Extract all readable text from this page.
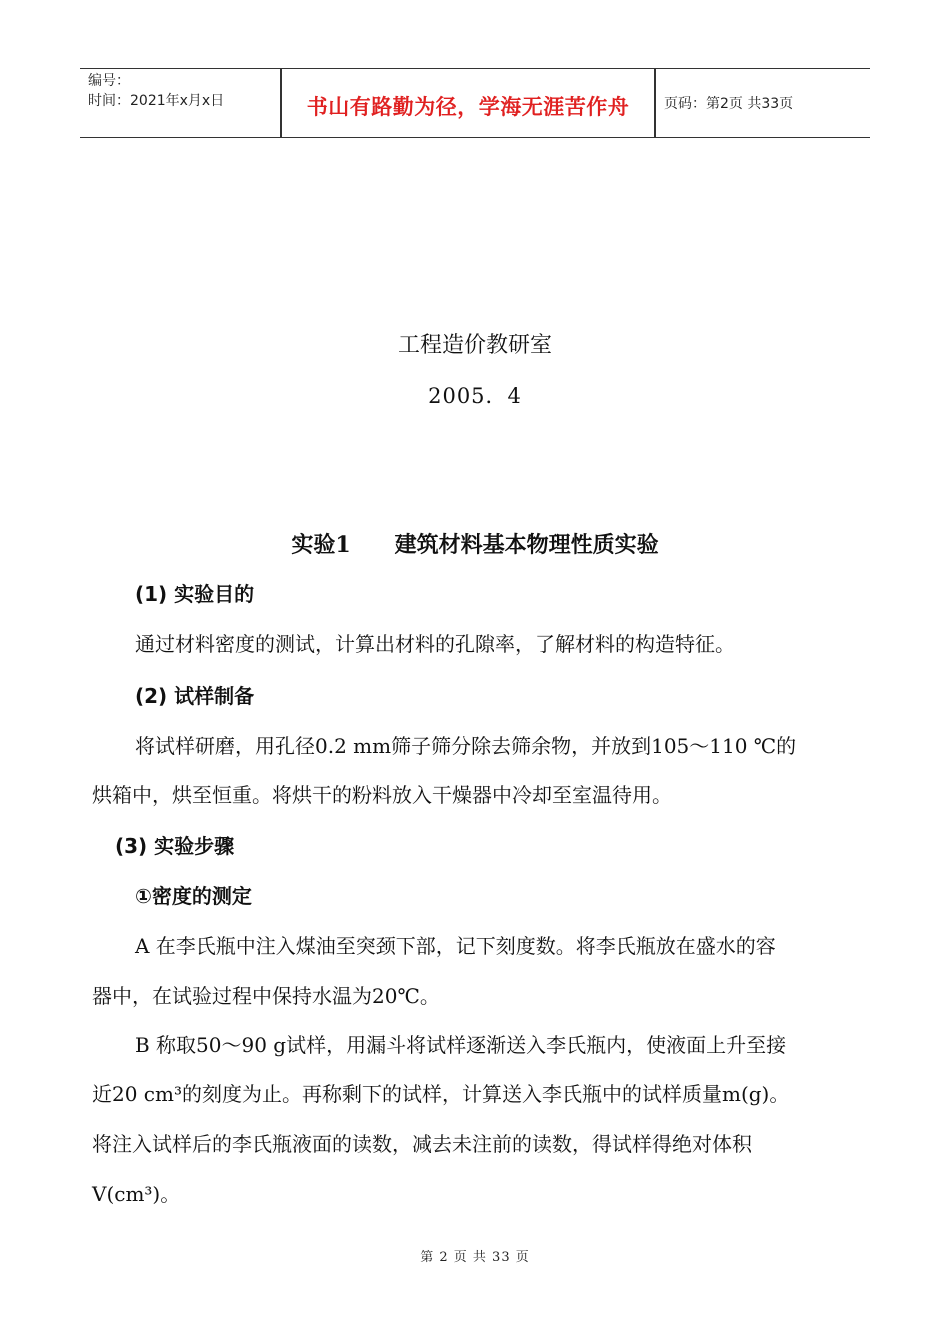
编号：
时间：2021年x月x日	书山有路勤为径，学海无涯苦作舟	页码：第2页 共33页
工程造价教研室
2005．4
实验1 建筑材料基本物理性质实验
(1) 实验目的
通过材料密度的测试，计算出材料的孔隙率，了解材料的构造特征。
(2) 试样制备
将试样研磨，用孔径0.2 mm筛子筛分除去筛余物，并放到105～110 ℃的
烘箱中，烘至恒重。将烘干的粉料放入干燥器中冷却至室温待用。
(3) 实验步骤
①密度的测定
A 在李氏瓶中注入煤油至突颈下部，记下刻度数。将李氏瓶放在盛水的容
器中，在试验过程中保持水温为20℃。
B 称取50～90 g试样，用漏斗将试样逐渐送入李氏瓶内，使液面上升至接
近20 cm³的刻度为止。再称剩下的试样，计算送入李氏瓶中的试样质量m(g)。
将注入试样后的李氏瓶液面的读数，减去未注前的读数，得试样得绝对体积
V(cm³)。
第 2 页 共 33 页
